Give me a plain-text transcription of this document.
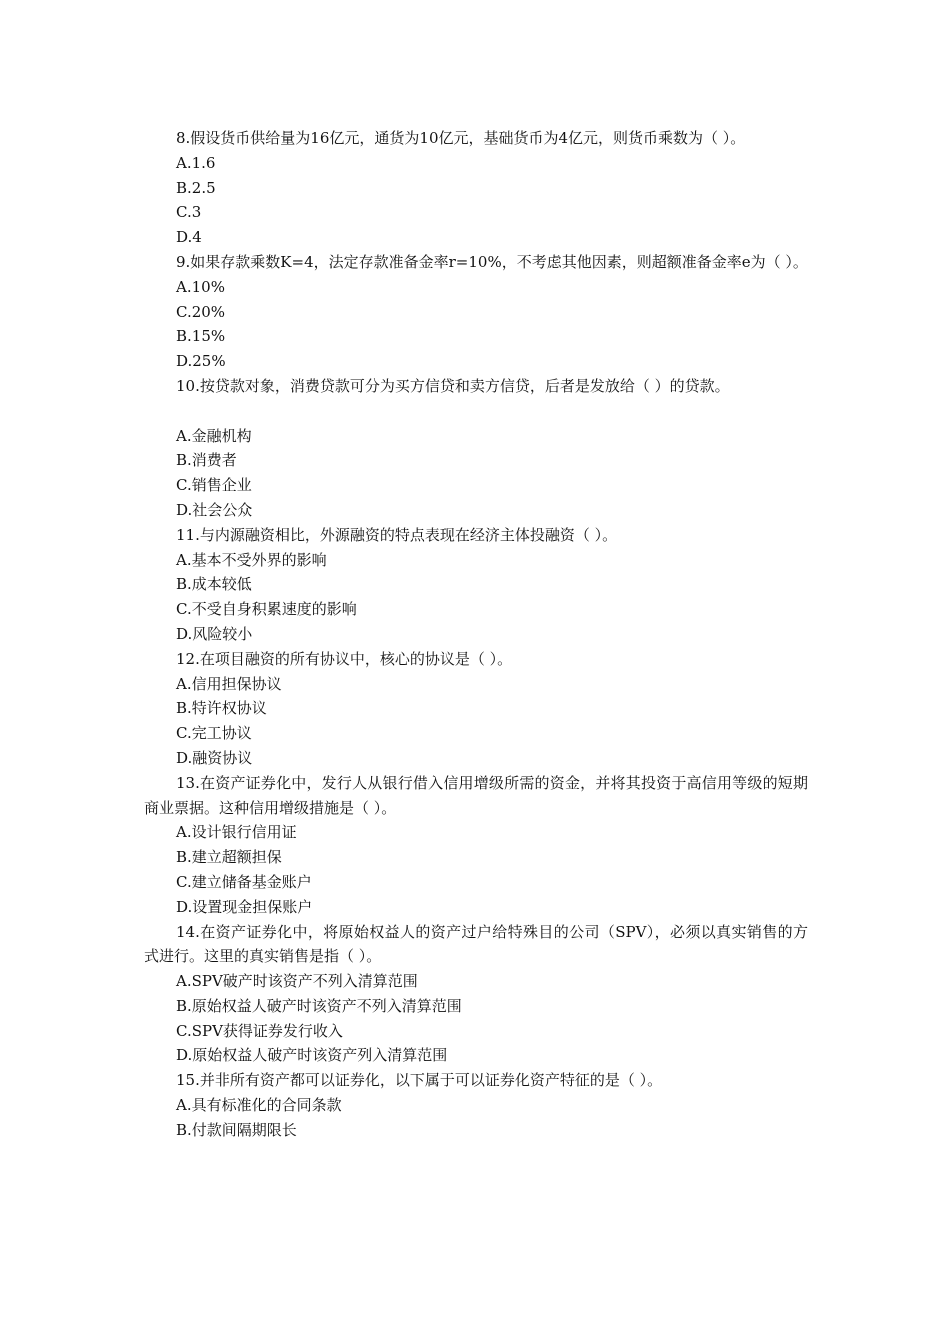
8.假设货币供给量为16亿元，通货为10亿元，基础货币为4亿元，则货币乘数为（ ）。

A.1.6

B.2.5

C.3

D.4

9.如果存款乘数K=4，法定存款准备金率r=10%，不考虑其他因素，则超额准备金率e为（ ）。

A.10%

C.20%

B.15%

D.25%

10.按贷款对象，消费贷款可分为买方信贷和卖方信贷，后者是发放给（ ）的贷款。

A.金融机构

B.消费者

C.销售企业

D.社会公众

11.与内源融资相比，外源融资的特点表现在经济主体投融资（ ）。

A.基本不受外界的影响

B.成本较低

C.不受自身积累速度的影响

D.风险较小

12.在项目融资的所有协议中，核心的协议是（ ）。

A.信用担保协议

B.特许权协议

C.完工协议

D.融资协议

13.在资产证券化中，发行人从银行借入信用增级所需的资金，并将其投资于高信用等级的短期商业票据。这种信用增级措施是（ ）。

A.设计银行信用证

B.建立超额担保

C.建立储备基金账户

D.设置现金担保账户

14.在资产证券化中，将原始权益人的资产过户给特殊目的公司（SPV），必须以真实销售的方式进行。这里的真实销售是指（ ）。

A.SPV破产时该资产不列入清算范围

B.原始权益人破产时该资产不列入清算范围

C.SPV获得证券发行收入

D.原始权益人破产时该资产列入清算范围

15.并非所有资产都可以证券化，以下属于可以证券化资产特征的是（ ）。

A.具有标准化的合同条款

B.付款间隔期限长
